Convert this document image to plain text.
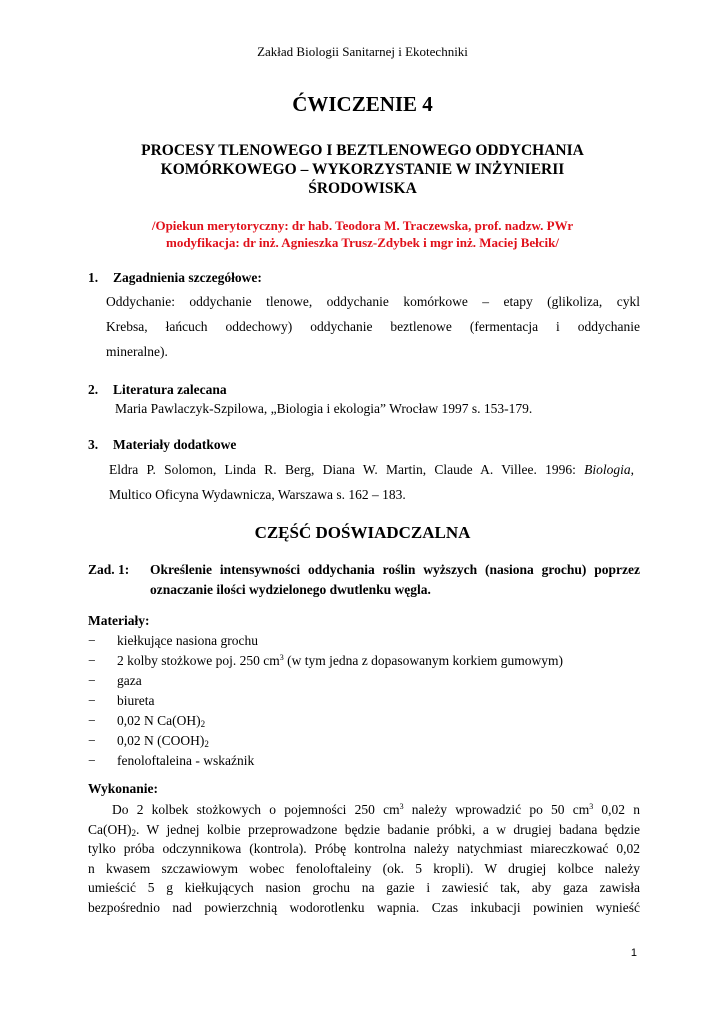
Zakład Biologii Sanitarnej i Ekotechniki
ĆWICZENIE 4
PROCESY TLENOWEGO I BEZTLENOWEGO ODDYCHANIA
KOMÓRKOWEGO – WYKORZYSTANIE W INŻYNIERII
ŚRODOWISKA
/Opiekun merytoryczny: dr hab. Teodora M. Traczewska, prof. nadzw. PWr
modyfikacja: dr inż. Agnieszka Trusz-Zdybek i mgr inż. Maciej Bełcik/
1. Zagadnienia szczegółowe:
Oddychanie: oddychanie tlenowe, oddychanie komórkowe – etapy (glikoliza, cykl
Krebsa, łańcuch oddechowy) oddychanie beztlenowe (fermentacja i oddychanie
mineralne).
2. Literatura zalecana
Maria Pawlaczyk-Szpilowa, „Biologia i ekologia” Wrocław 1997 s. 153-179.
3. Materiały dodatkowe
Eldra P. Solomon, Linda R. Berg, Diana W. Martin, Claude A. Villee. 1996: Biologia,
Multico Oficyna Wydawnicza, Warszawa s. 162 – 183.
CZĘŚĆ DOŚWIADCZALNA
Zad. 1: Określenie intensywności oddychania roślin wyższych (nasiona grochu) poprzez oznaczanie ilości wydzielonego dwutlenku węgla.
Materiały:
− kiełkujące nasiona grochu
− 2 kolby stożkowe poj. 250 $cm^3$ (w tym jedna z dopasowanym korkiem gumowym)
− gaza
− biureta
− 0,02 N $Ca(OH)_2$
− 0,02 N $(COOH)_2$
− fenoloftaleina - wskaźnik
Wykonanie:
Do 2 kolbek stożkowych o pojemności 250 $cm^3$ należy wprowadzić po 50 $cm^3$ 0,02 n
$Ca(OH)_2$. W jednej kolbie przeprowadzone będzie badanie próbki, a w drugiej badana będzie
tylko próba odczynnikowa (kontrola). Próbę kontrolna należy natychmiast miareczkować 0,02
n kwasem szczawiowym wobec fenoloftaleiny (ok. 5 kropli). W drugiej kolbce należy
umieścić 5 g kiełkujących nasion grochu na gazie i zawiesić tak, aby gaza zawisła
bezpośrednio nad powierzchnią wodorotlenku wapnia. Czas inkubacji powinien wynieść
1
